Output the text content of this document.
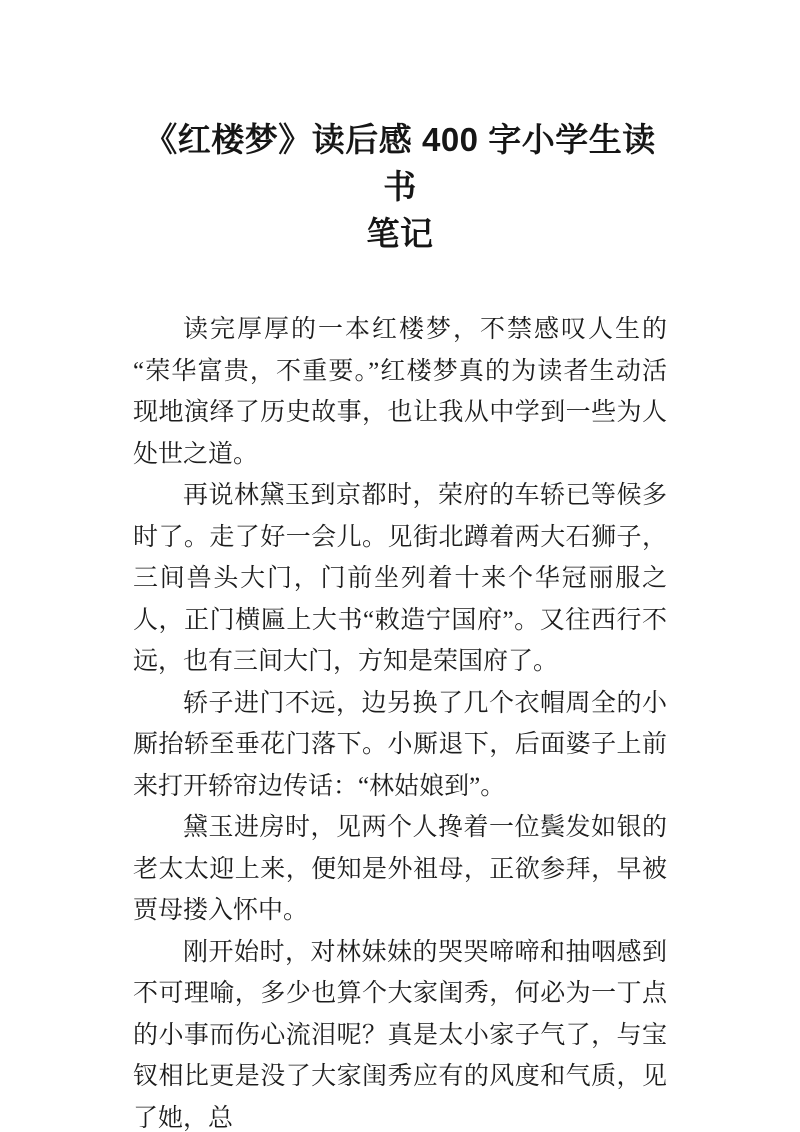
《红楼梦》读后感 400 字小学生读书
笔记

读完厚厚的一本红楼梦，不禁感叹人生的“荣华富贵，不重要。”红楼梦真的为读者生动活现地演绎了历史故事，也让我从中学到一些为人处世之道。

再说林黛玉到京都时，荣府的车轿已等候多时了。走了好一会儿。见街北蹲着两大石狮子，三间兽头大门，门前坐列着十来个华冠丽服之人，正门横匾上大书“敕造宁国府”。又往西行不远，也有三间大门，方知是荣国府了。

轿子进门不远，边另换了几个衣帽周全的小厮抬轿至垂花门落下。小厮退下，后面婆子上前来打开轿帘边传话：“林姑娘到”。

黛玉进房时，见两个人搀着一位鬓发如银的老太太迎上来，便知是外祖母，正欲参拜，早被贾母搂入怀中。

刚开始时，对林妹妹的哭哭啼啼和抽咽感到不可理喻，多少也算个大家闺秀，何必为一丁点的小事而伤心流泪呢？真是太小家子气了，与宝钗相比更是没了大家闺秀应有的风度和气质，见了她，总
